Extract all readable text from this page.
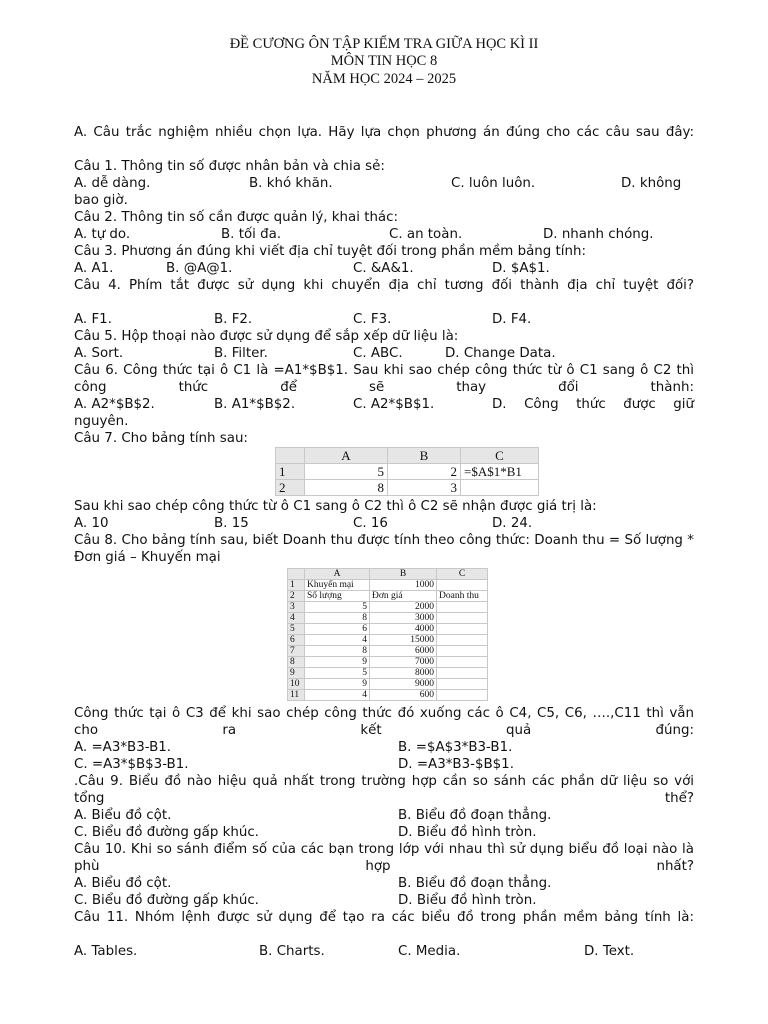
ĐỀ CƯƠNG ÔN TẬP KIỂM TRA GIỮA HỌC KÌ II
MÔN TIN HỌC 8
NĂM HỌC 2024 – 2025
A. Câu trắc nghiệm nhiều chọn lựa. Hãy lựa chọn phương án đúng cho các câu sau đây:
Câu 1. Thông tin số được nhân bản và chia sẻ:
A. dễ dàng.	B. khó khăn.	C. luôn luôn.	D. không
bao giờ.
Câu 2. Thông tin số cần được quản lý, khai thác:
A. tự do.	B. tối đa.	C. an toàn.	D. nhanh chóng.
Câu 3. Phương án đúng khi viết địa chỉ tuyệt đối trong phần mềm bảng tính:
A. A1.	B. @A@1.	C. &A&1.	D. $A$1.
Câu 4. Phím tắt được sử dụng khi chuyển địa chỉ tương đối thành địa chỉ tuyệt đối?
A. F1.	B. F2.	C. F3.	D. F4.
Câu 5. Hộp thoại nào được sử dụng để sắp xếp dữ liệu là:
A. Sort.	B. Filter.	C. ABC.	D. Change Data.
Câu 6. Công thức tại ô C1 là =A1*$B$1. Sau khi sao chép công thức từ ô C1 sang ô C2 thì công thức để sẽ thay đổi thành:
A. A2*$B$2.	B. A1*$B$2.	C. A2*$B$1.	D. Công thức được giữ
nguyên.
Câu 7. Cho bảng tính sau:
	A	B	C
1	5	2	=$A$1*B1
2	8	3	
Sau khi sao chép công thức từ ô C1 sang ô C2 thì ô C2 sẽ nhận được giá trị là:
A. 10	B. 15	C. 16	D. 24.
Câu 8. Cho bảng tính sau, biết Doanh thu được tính theo công thức: Doanh thu = Số lượng * Đơn giá – Khuyến mại
	A	B	C
1	Khuyến mại	1000	
2	Số lượng	Đơn giá	Doanh thu
3	5	2000	
4	8	3000	
5	6	4000	
6	4	15000	
7	8	6000	
8	9	7000	
9	5	8000	
10	9	9000	
11	4	600	
Công thức tại ô C3 để khi sao chép công thức đó xuống các ô C4, C5, C6, ….,C11 thì vẫn cho ra kết quả đúng:
A. =A3*B3-B1.	B. =$A$3*B3-B1.
C. =A3*$B$3-B1.	D. =A3*B3-$B$1.
.Câu 9. Biểu đồ nào hiệu quả nhất trong trường hợp cần so sánh các phần dữ liệu so với tổng thể?
A. Biểu đồ cột.	B. Biểu đồ đoạn thẳng.
C. Biểu đồ đường gấp khúc.	D. Biểu đồ hình tròn.
Câu 10. Khi so sánh điểm số của các bạn trong lớp với nhau thì sử dụng biểu đồ loại nào là phù hợp nhất?
A. Biểu đồ cột.	B. Biểu đồ đoạn thẳng.
C. Biểu đồ đường gấp khúc.	D. Biểu đồ hình tròn.
Câu 11. Nhóm lệnh được sử dụng để tạo ra các biểu đồ trong phần mềm bảng tính là:
A. Tables.	B. Charts.	C. Media.	D. Text.
